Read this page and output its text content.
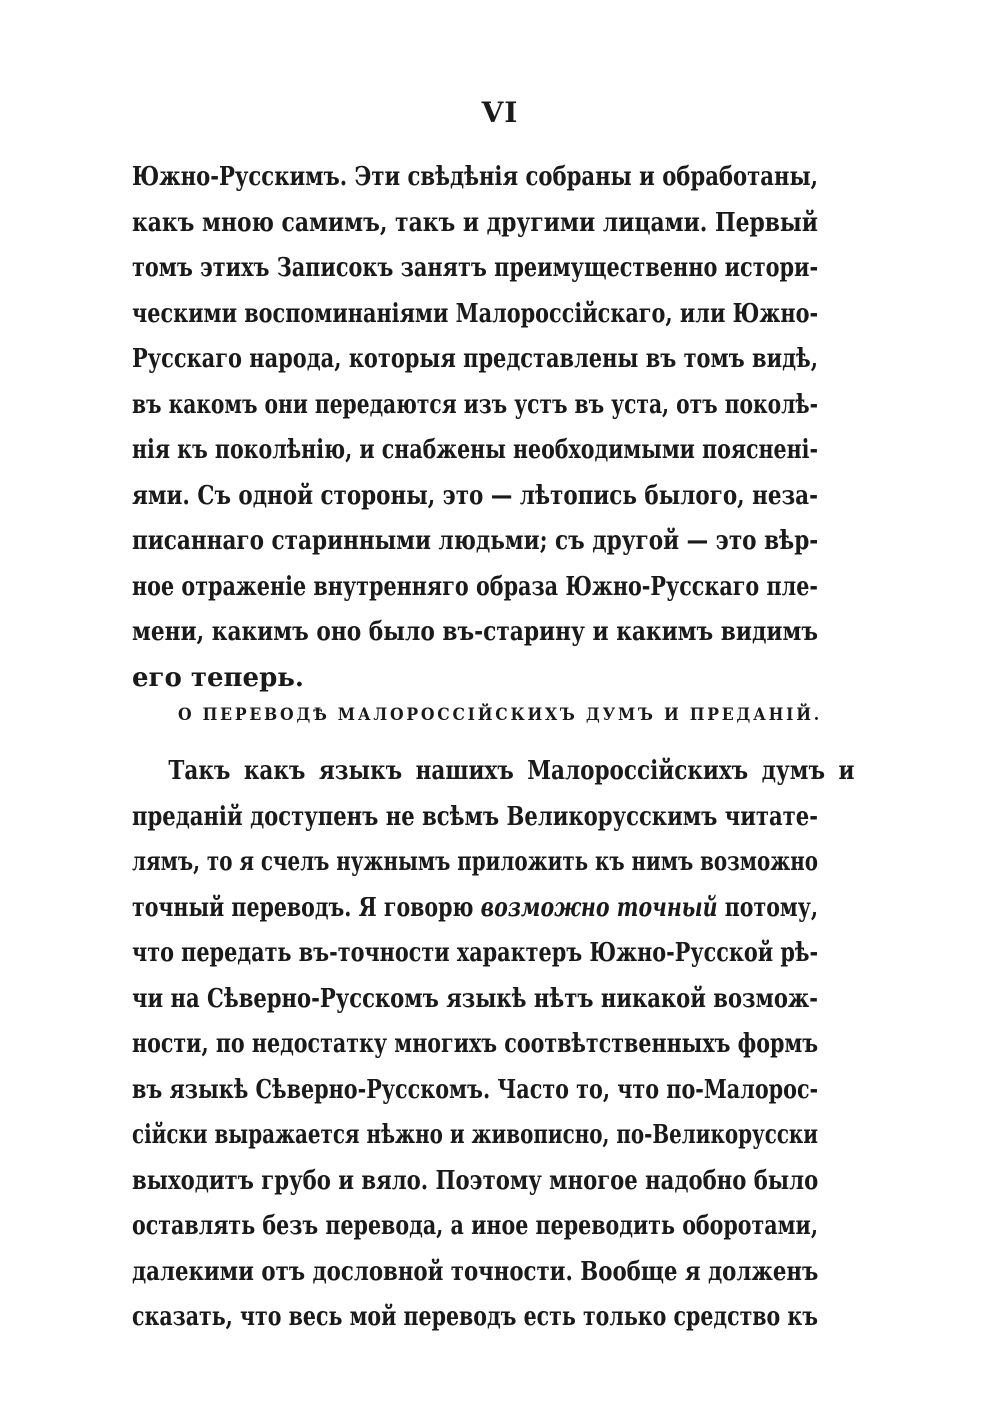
VI
Южно-Русскимъ. Эти свѣдѣнія собраны и обработаны,
какъ мною самимъ, такъ и другими лицами. Первый
томъ этихъ Записокъ занятъ преимущественно истори-
ческими воспоминаніями Малороссійскаго, или Южно-
Русскаго народа, которыя представлены въ томъ видѣ,
въ какомъ они передаются изъ устъ въ уста, отъ поколѣ-
нія къ поколѣнію, и снабжены необходимыми поясненi-
ями. Съ одной стороны, это — лѣтопись былого, неза-
писаннаго старинными людьми; съ другой — это вѣр-
ное отраженіе внутренняго образа Южно-Русскаго пле-
мени, какимъ оно было въ-старину и какимъ видимъ
его теперь.
О ПЕРЕВОДѢ МАЛОРОССІЙСКИХЪ ДУМЪ И ПРЕДАНІЙ.
Такъ какъ языкъ нашихъ Малороссійскихъ думъ и
преданій доступенъ не всѣмъ Великорусскимъ читате-
лямъ, то я счелъ нужнымъ приложить къ нимъ возможно
точный переводъ. Я говорю возможно точный потому,
что передать въ-точности характеръ Южно-Русской рѣ-
чи на Сѣверно-Русскомъ языкѣ нѣтъ никакой возмож-
ности, по недостатку многихъ соотвѣтственныхъ формъ
въ языкѣ Сѣверно-Русскомъ. Часто то, что по-Малорос-
сійски выражается нѣжно и живописно, по-Великорусски
выходитъ грубо и вяло. Поэтому многое надобно было
оставлять безъ перевода, а иное переводить оборотами,
далекими отъ дословной точности. Вообще я долженъ
сказать, что весь мой переводъ есть только средство къ
